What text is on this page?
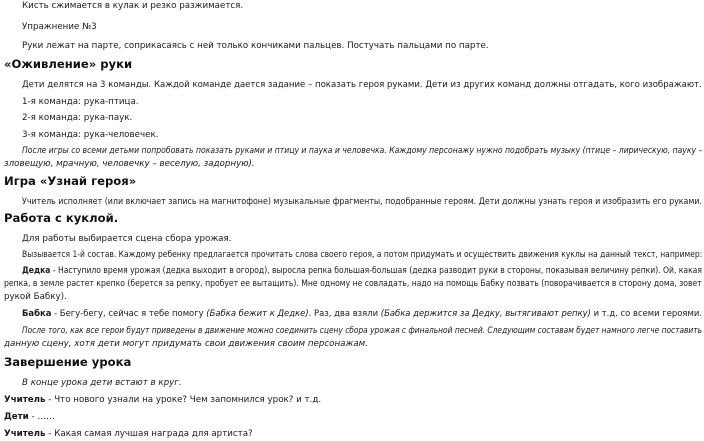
Кисть сжимается в кулак и резко разжимается.
Упражнение №3
Руки лежат на парте, соприкасаясь с ней только кончиками пальцев. Постучать пальцами по парте.
«Оживление» руки
Дети делятся на 3 команды. Каждой команде дается задание – показать героя руками. Дети из других команд должны отгадать, кого изображают.
1-я команда: рука-птица.
2-я команда: рука-паук.
3-я команда: рука-человечек.
После игры со всеми детьми попробовать показать руками и птицу и паука и человечка. Каждому персонажу нужно подобрать музыку (птице – лирическую, пауку –
зловещую, мрачную, человечку – веселую, задорную).
Игра «Узнай героя»
Учитель исполняет (или включает запись на магнитофоне) музыкальные фрагменты, подобранные героям. Дети должны узнать героя и изобразить его руками.
Работа с куклой.
Для работы выбирается сцена сбора урожая.
Вызывается 1-й состав. Каждому ребенку предлагается прочитать слова своего героя, а потом придумать и осуществить движения куклы на данный текст, например:
Дедка - Наступило время урожая (дедка выходит в огород), выросла репка большая-большая (дедка разводит руки в стороны, показывая величину репки). Ой, какая
репка, в земле растет крепко (берется за репку, пробует ее вытащить). Мне одному не совладать, надо на помощь Бабку позвать (поворачивается в сторону дома, зовет
рукой Бабку).
Бабка - Бегу-бегу, сейчас я тебе помогу (Бабка бежит к Дедке). Раз, два взяли (Бабка держится за Дедку, вытягивают репку) и т.д. со всеми героями.
После того, как все герои будут приведены в движение можно соединить сцену сбора урожая с финальной песней. Следующим составам будет намного легче поставить
данную сцену, хотя дети могут придумать свои движения своим персонажам.
Завершение урока
В конце урока дети встают в круг.
Учитель - Что нового узнали на уроке? Чем запомнился урок? и т.д.
Дети - ……
Учитель - Какая самая лучшая награда для артиста?
